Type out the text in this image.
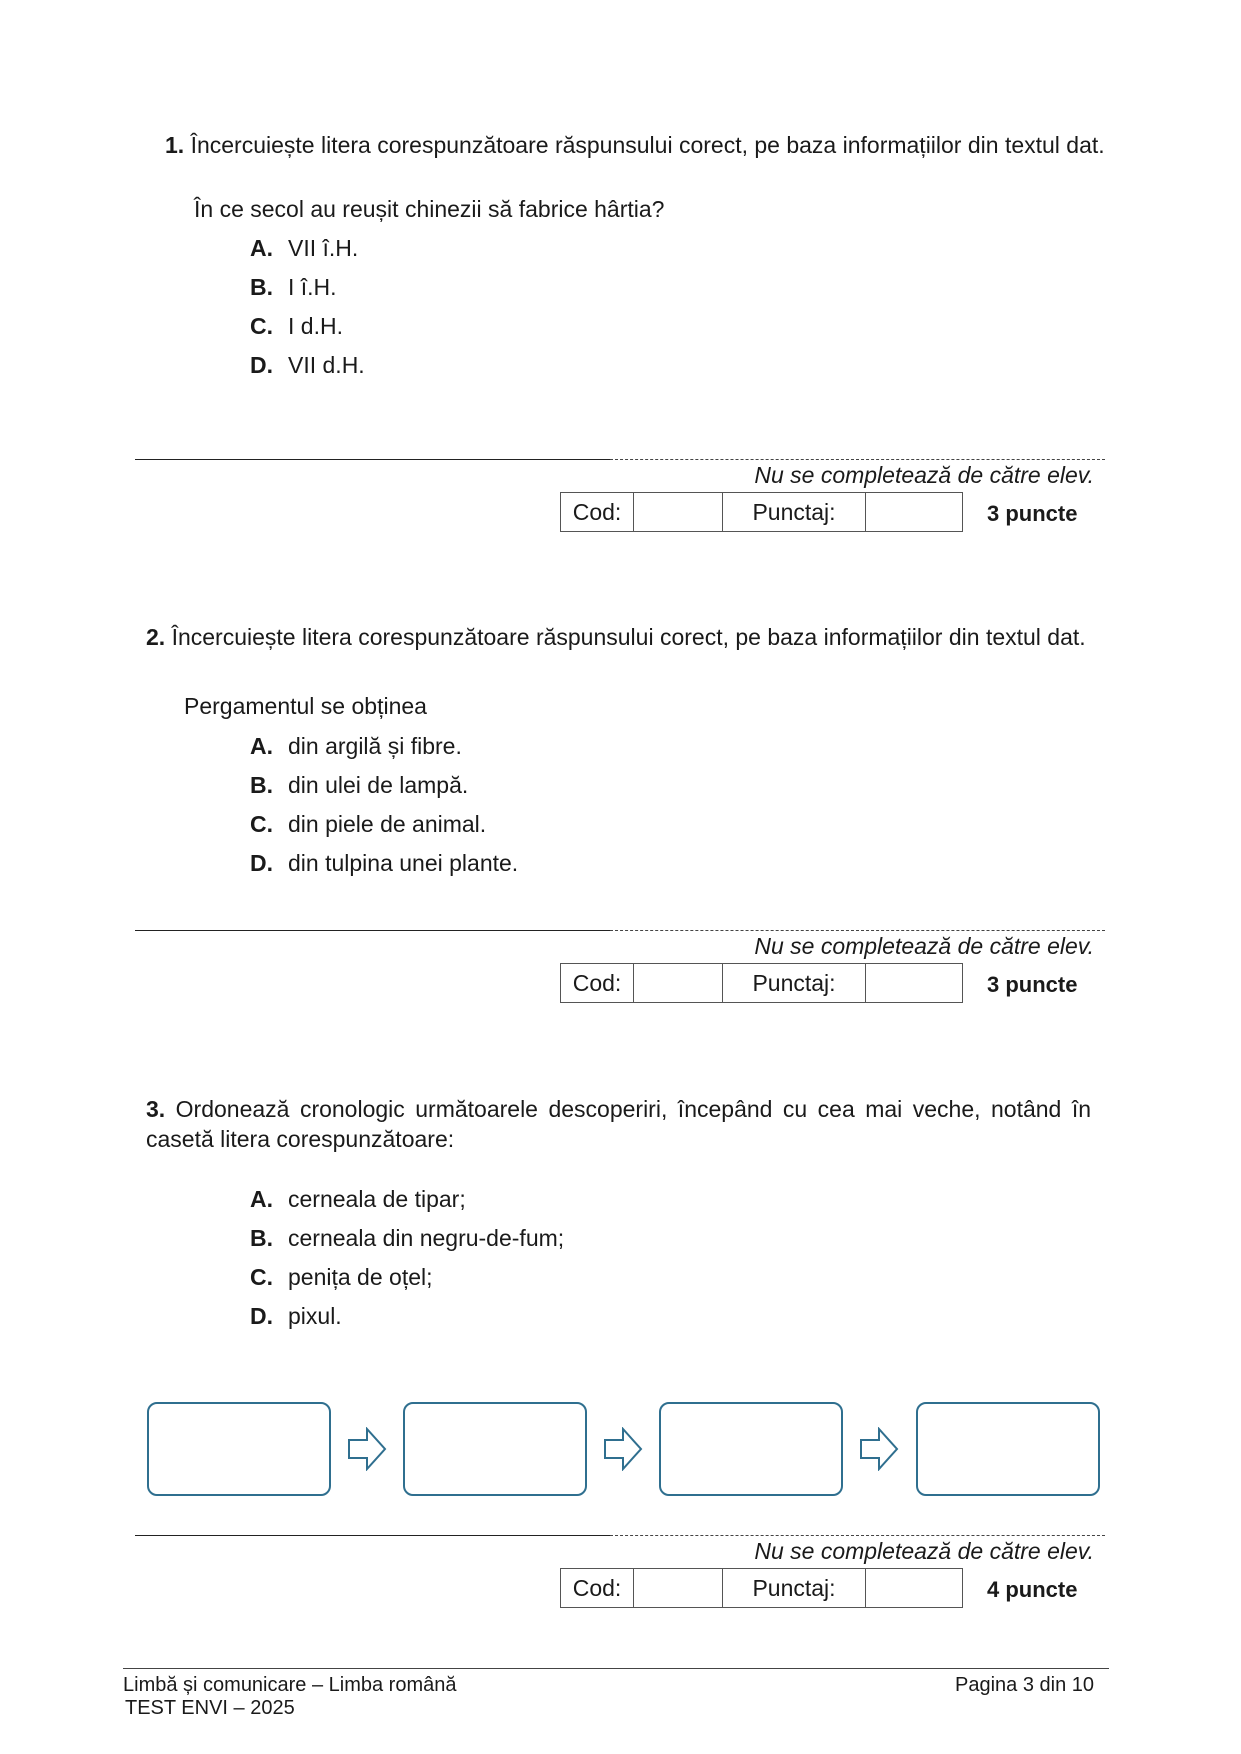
1. Încercuiește litera corespunzătoare răspunsului corect, pe baza informațiilor din textul dat.
În ce secol au reușit chinezii să fabrice hârtia?
A. VII î.H.
B. I î.H.
C. I d.H.
D. VII d.H.
Nu se completează de către elev.
Cod:		Punctaj:		3 puncte
2. Încercuiește litera corespunzătoare răspunsului corect, pe baza informațiilor din textul dat.
Pergamentul se obținea
A. din argilă și fibre.
B. din ulei de lampă.
C. din piele de animal.
D. din tulpina unei plante.
Nu se completează de către elev.
Cod:		Punctaj:		3 puncte
3. Ordonează cronologic următoarele descoperiri, începând cu cea mai veche, notând în
casetă litera corespunzătoare:
A. cerneala de tipar;
B. cerneala din negru-de-fum;
C. penița de oțel;
D. pixul.
Nu se completează de către elev.
Cod:		Punctaj:		4 puncte
Limbă și comunicare – Limba română
TEST ENVI – 2025
Pagina 3 din 10
